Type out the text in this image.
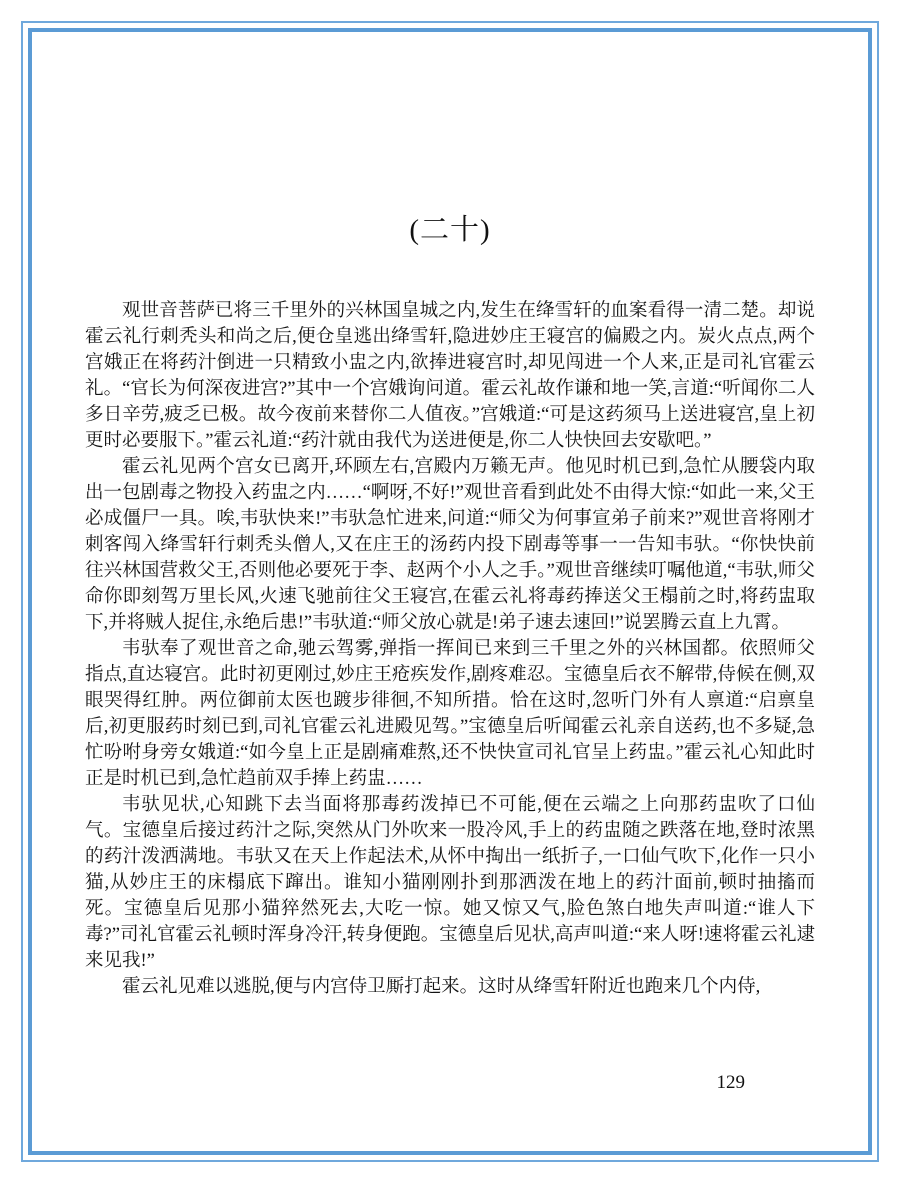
(二十)

观世音菩萨已将三千里外的兴林国皇城之内,发生在绛雪轩的血案看得一清二楚。却说霍云礼行刺秃头和尚之后,便仓皇逃出绛雪轩,隐进妙庄王寝宫的偏殿之内。炭火点点,两个宫娥正在将药汁倒进一只精致小盅之内,欲捧进寝宫时,却见闯进一个人来,正是司礼官霍云礼。“官长为何深夜进宫?”其中一个宫娥询问道。霍云礼故作谦和地一笑,言道:“听闻你二人多日辛劳,疲乏已极。故今夜前来替你二人值夜。”宫娥道:“可是这药须马上送进寝宫,皇上初更时必要服下。”霍云礼道:“药汁就由我代为送进便是,你二人快快回去安歇吧。”

霍云礼见两个宫女已离开,环顾左右,宫殿内万籁无声。他见时机已到,急忙从腰袋内取出一包剧毒之物投入药盅之内……“啊呀,不好!”观世音看到此处不由得大惊:“如此一来,父王必成僵尸一具。唉,韦驮快来!”韦驮急忙进来,问道:“师父为何事宣弟子前来?”观世音将刚才刺客闯入绛雪轩行刺秃头僧人,又在庄王的汤药内投下剧毒等事一一告知韦驮。“你快快前往兴林国营救父王,否则他必要死于李、赵两个小人之手。”观世音继续叮嘱他道,“韦驮,师父命你即刻驾万里长风,火速飞驰前往父王寝宫,在霍云礼将毒药捧送父王榻前之时,将药盅取下,并将贼人捉住,永绝后患!”韦驮道:“师父放心就是!弟子速去速回!”说罢腾云直上九霄。

韦驮奉了观世音之命,驰云驾雾,弹指一挥间已来到三千里之外的兴林国都。依照师父指点,直达寝宫。此时初更刚过,妙庄王疮疾发作,剧疼难忍。宝德皇后衣不解带,侍候在侧,双眼哭得红肿。两位御前太医也踱步徘徊,不知所措。恰在这时,忽听门外有人禀道:“启禀皇后,初更服药时刻已到,司礼官霍云礼进殿见驾。”宝德皇后听闻霍云礼亲自送药,也不多疑,急忙吩咐身旁女娥道:“如今皇上正是剧痛难熬,还不快快宣司礼官呈上药盅。”霍云礼心知此时正是时机已到,急忙趋前双手捧上药盅……

韦驮见状,心知跳下去当面将那毒药泼掉已不可能,便在云端之上向那药盅吹了口仙气。宝德皇后接过药汁之际,突然从门外吹来一股冷风,手上的药盅随之跌落在地,登时浓黑的药汁泼洒满地。韦驮又在天上作起法术,从怀中掏出一纸折子,一口仙气吹下,化作一只小猫,从妙庄王的床榻底下蹿出。谁知小猫刚刚扑到那洒泼在地上的药汁面前,顿时抽搐而死。宝德皇后见那小猫猝然死去,大吃一惊。她又惊又气,脸色煞白地失声叫道:“谁人下毒?”司礼官霍云礼顿时浑身冷汗,转身便跑。宝德皇后见状,高声叫道:“来人呀!速将霍云礼逮来见我!”

霍云礼见难以逃脱,便与内宫侍卫厮打起来。这时从绛雪轩附近也跑来几个内侍,

129
